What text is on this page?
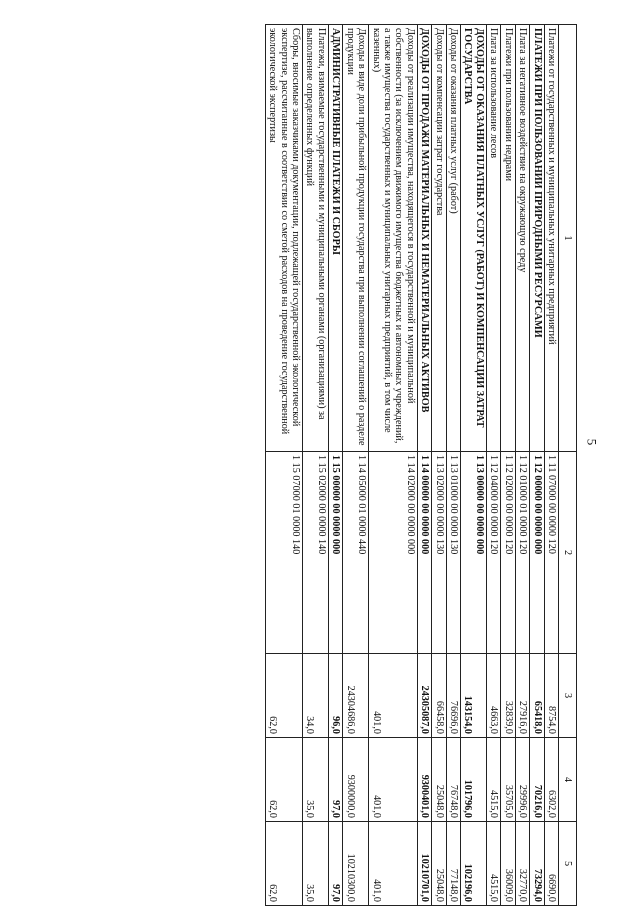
5
1	2	3	4	5
Платежи от государственных и муниципальных унитарных предприятий	1 11 07000 00 0000 120	8754,0	6302,0	6690,0
ПЛАТЕЖИ ПРИ ПОЛЬЗОВАНИИ ПРИРОДНЫМИ РЕСУРСАМИ	1 12 00000 00 0000 000	65418,0	70216,0	73294,0
Плата за негативное воздействие на окружающую среду	1 12 01000 01 0000 120	27916,0	29996,0	32770,0
Платежи при пользовании недрами	1 12 02000 00 0000 120	32839,0	35705,0	36009,0
Плата за использование лесов	1 12 04000 00 0000 120	4663,0	4515,0	4515,0
ДОХОДЫ ОТ ОКАЗАНИЯ ПЛАТНЫХ УСЛУГ (РАБОТ) И КОМПЕНСАЦИИ ЗАТРАТ ГОСУДАРСТВА	1 13 00000 00 0000 000	143154,0	101796,0	102196,0
Доходы от оказания платных услуг (работ)	1 13 01000 00 0000 130	76696,0	76748,0	77148,0
Доходы от компенсации затрат государства	1 13 02000 00 0000 130	66458,0	25048,0	25048,0
ДОХОДЫ ОТ ПРОДАЖИ МАТЕРИАЛЬНЫХ И НЕМАТЕРИАЛЬНЫХ АКТИВОВ	1 14 00000 00 0000 000	24305087,0	9300401,0	10210701,0
Доходы от реализации имущества, находящегося в государственной и муниципальной собственности (за исключением движимого имущества бюджетных и автономных учреждений, а также имущества государственных и муниципальных унитарных предприятий, в том числе казенных)	1 14 02000 00 0000 000	401,0	401,0	401,0
Доходы в виде доли прибыльной продукции государства при выполнении соглашений о разделе продукции	1 14 05000 01 0000 440	24304686,0	9300000,0	10210300,0
АДМИНИСТРАТИВНЫЕ ПЛАТЕЖИ И СБОРЫ	1 15 00000 00 0000 000	96,0	97,0	97,0
Платежи, взимаемые государственными и муниципальными органами (организациями) за выполнение определенных функций	1 15 02000 00 0000 140	34,0	35,0	35,0
Сборы, вносимые заказчиками документации, подлежащей государственной экологической экспертизе, рассчитанные в соответствии со сметой расходов на проведение государственной экологической экспертизы	1 15 07000 01 0000 140	62,0	62,0	62,0
